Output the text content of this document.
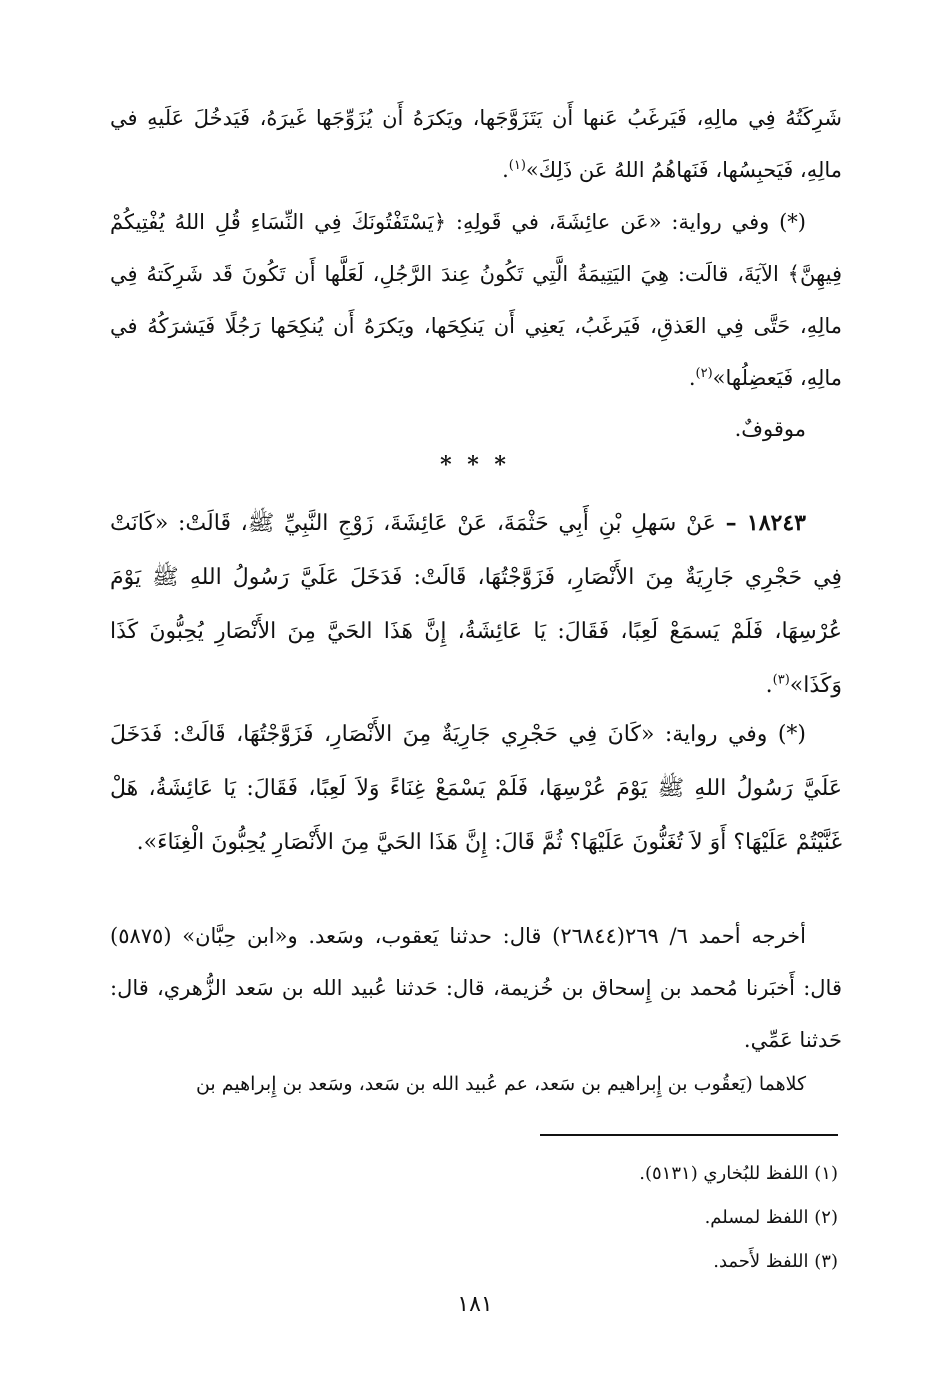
شَرِكَتُهُ فِي مالِهِ، فَيَرغَبُ عَنها أَن يَتَزَوَّجَها، ويَكرَهُ أَن يُزَوِّجَها غَيرَهُ، فَيَدخُلَ عَلَيهِ في مالِهِ، فَيَحبِسُها، فَنَهاهُمُ اللهُ عَن ذَلِكَ»$^{(١)}$.

(*) وفي رواية: «عَن عائِشَةَ، في قَولِهِ: ﴿يَسْتَفْتُونَكَ فِي النِّسَاءِ قُلِ اللهُ يُفْتِيكُمْ فِيهِنَّ﴾ الآيَةَ، قالَت: هِيَ اليَتِيمَةُ الَّتِي تَكُونُ عِندَ الرَّجُلِ، لَعَلَّها أَن تَكُونَ قَد شَرِكَتهُ فِي مالِهِ، حَتَّى فِي العَذقِ، فَيَرغَبُ، يَعنِي أَن يَنكِحَها، ويَكرَهُ أَن يُنكِحَها رَجُلًا فَيَشرَكُهُ في مالِهِ، فَيَعضِلُها»$^{(٢)}$.

موقوفٌ.

* * *

١٨٢٤٣ – عَنْ سَهلِ بْنِ أَبِي حَثْمَةَ، عَنْ عَائِشَةَ، زَوْجِ النَّبِيِّ ﷺ، قَالَتْ: «كَانَتْ فِي حَجْرِي جَارِيَةٌ مِنَ الأَنْصَارِ، فَزَوَّجْتُهَا، قَالَتْ: فَدَخَلَ عَلَيَّ رَسُولُ اللهِ ﷺ يَوْمَ عُرْسِهَا، فَلَمْ يَسمَعْ لَعِبًا، فَقَالَ: يَا عَائِشَةُ، إِنَّ هَذَا الحَيَّ مِنَ الأَنْصَارِ يُحِبُّونَ كَذَا وَكَذَا»$^{(٣)}$.

(*) وفي رواية: «كَانَ فِي حَجْرِي جَارِيَةٌ مِنَ الأَنْصَارِ، فَزَوَّجْتُهَا، قَالَتْ: فَدَخَلَ عَلَيَّ رَسُولُ اللهِ ﷺ يَوْمَ عُرْسِهَا، فَلَمْ يَسْمَعْ غِنَاءً وَلاَ لَعِبًا، فَقَالَ: يَا عَائِشَةُ، هَلْ غَنَّيْتُمْ عَلَيْهَا؟ أَوَ لاَ تُغَنُّونَ عَلَيْهَا؟ ثُمَّ قَالَ: إِنَّ هَذَا الحَيَّ مِنَ الأَنْصَارِ يُحِبُّونَ الْغِنَاءَ».

أخرجه أحمد ٦/ ٢٦٩(٢٦٨٤٤) قال: حدثنا يَعقوب، وسَعد. و«ابن حِبَّان» (٥٨٧٥) قال: أَخبَرنا مُحمد بن إِسحاق بن خُزيمة، قال: حَدثنا عُبيد الله بن سَعد الزُّهري، قال: حَدثنا عَمِّي.

كلاهما (يَعقُوب بن إِبراهيم بن سَعد، عم عُبيد الله بن سَعد، وسَعد بن إِبراهيم بن

(١) اللفظ للبُخاري (٥١٣١).
(٢) اللفظ لمسلم.
(٣) اللفظ لأَحمد.
١٨١
